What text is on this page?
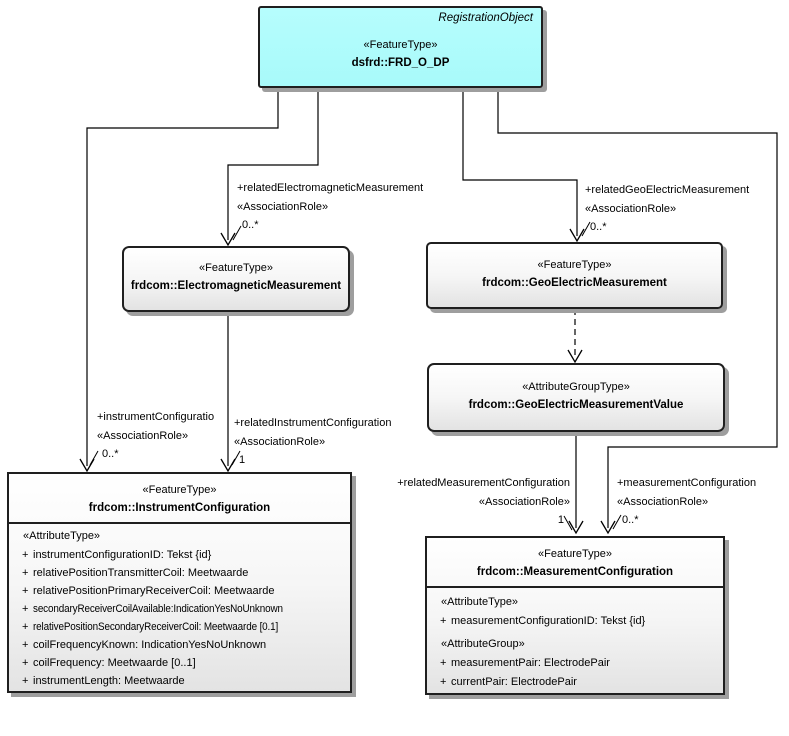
RegistrationObject
«FeatureType»
dsfrd::FRD_O_DP
«FeatureType»
frdcom::ElectromagneticMeasurement
«FeatureType»
frdcom::GeoElectricMeasurement
«AttributeGroupType»
frdcom::GeoElectricMeasurementValue
«FeatureType»
frdcom::InstrumentConfiguration
«AttributeType»
+ instrumentConfigurationID: Tekst {id}
+ relativePositionTransmitterCoil: Meetwaarde
+ relativePositionPrimaryReceiverCoil: Meetwaarde
+ secondaryReceiverCoilAvailable:IndicationYesNoUnknown
+ relativePositionSecondaryReceiverCoil: Meetwaarde [0.1]
+ coilFrequencyKnown: IndicationYesNoUnknown
+ coilFrequency: Meetwaarde [0..1]
+ instrumentLength: Meetwaarde
«FeatureType»
frdcom::MeasurementConfiguration
«AttributeType»
+ measurementConfigurationID: Tekst {id}
«AttributeGroup»
+ measurementPair: ElectrodePair
+ currentPair: ElectrodePair
+relatedElectromagneticMeasurement
«AssociationRole»
0..*
+relatedGeoElectricMeasurement
«AssociationRole»
0..*
+instrumentConfiguratio
«AssociationRole»
0..*
+relatedInstrumentConfiguration
«AssociationRole»
1
+relatedMeasurementConfiguration
«AssociationRole»
1
+measurementConfiguration
«AssociationRole»
0..*
